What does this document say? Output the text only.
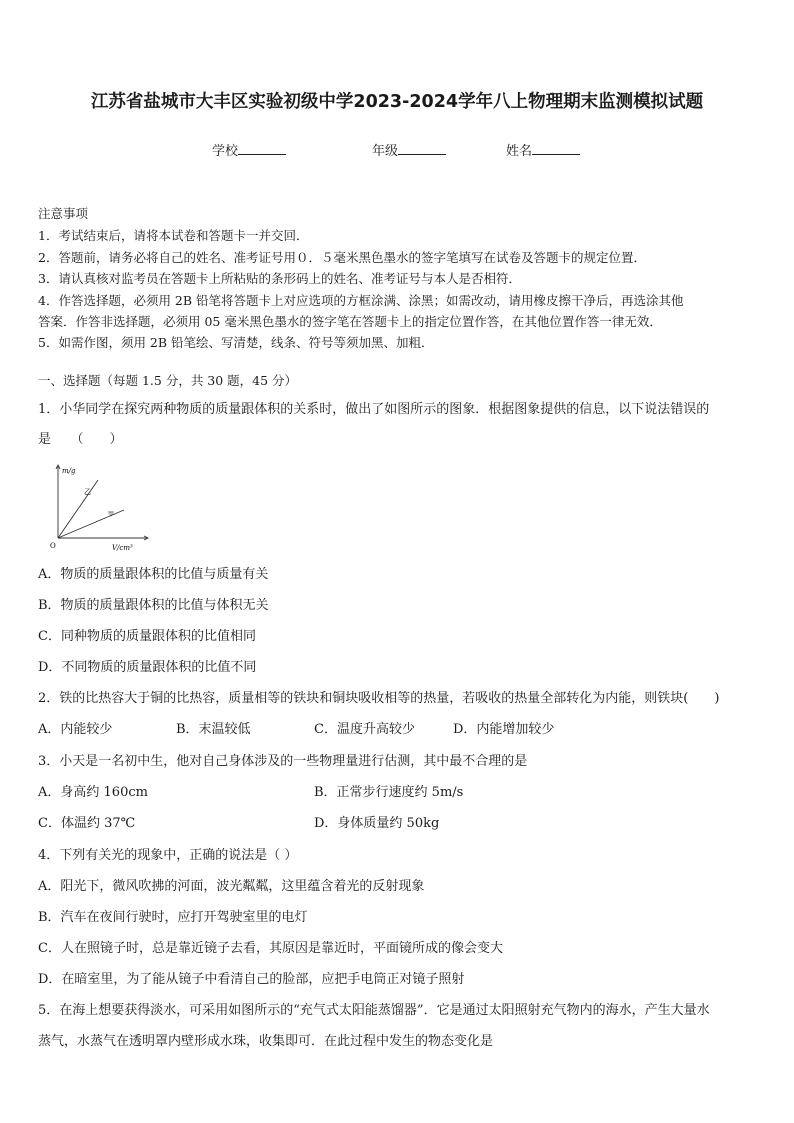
江苏省盐城市大丰区实验初级中学2023-2024学年八上物理期末监测模拟试题
学校	年级	姓名
注意事项
1．考试结束后，请将本试卷和答题卡一并交回．
2．答题前，请务必将自己的姓名、准考证号用０．５毫米黑色墨水的签字笔填写在试卷及答题卡的规定位置．
3．请认真核对监考员在答题卡上所粘贴的条形码上的姓名、准考证号与本人是否相符．
4．作答选择题，必须用 2B 铅笔将答题卡上对应选项的方框涂满、涂黑；如需改动，请用橡皮擦干净后，再选涂其他
答案．作答非选择题，必须用 05 毫米黑色墨水的签字笔在答题卡上的指定位置作答，在其他位置作答一律无效．
5．如需作图，须用 2B 铅笔绘、写清楚，线条、符号等须加黑、加粗．
一、选择题（每题 1.5 分，共 30 题，45 分）
1．小华同学在探究两种物质的质量跟体积的关系时，做出了如图所示的图象．根据图象提供的信息，以下说法错误的
是　　（　　）
m/g
V/cm³
O
乙
甲
A．物质的质量跟体积的比值与质量有关
B．物质的质量跟体积的比值与体积无关
C．同种物质的质量跟体积的比值相同
D．不同物质的质量跟体积的比值不同
2．铁的比热容大于铜的比热容，质量相等的铁块和铜块吸收相等的热量，若吸收的热量全部转化为内能，则铁块(　　)
A．内能较少	B．末温较低	C．温度升高较少	D．内能增加较少
3．小天是一名初中生，他对自己身体涉及的一些物理量进行估测，其中最不合理的是
A．身高约 160cm	B．正常步行速度约 5m/s
C．体温约 37℃	D．身体质量约 50kg
4．下列有关光的现象中，正确的说法是（ ）
A．阳光下，微风吹拂的河面，波光粼粼，这里蕴含着光的反射现象
B．汽车在夜间行驶时，应打开驾驶室里的电灯
C．人在照镜子时，总是靠近镜子去看，其原因是靠近时，平面镜所成的像会变大
D．在暗室里，为了能从镜子中看清自己的脸部，应把手电筒正对镜子照射
5．在海上想要获得淡水，可采用如图所示的“充气式太阳能蒸馏器”．它是通过太阳照射充气物内的海水，产生大量水
蒸气，水蒸气在透明罩内壁形成水珠，收集即可．在此过程中发生的物态变化是
